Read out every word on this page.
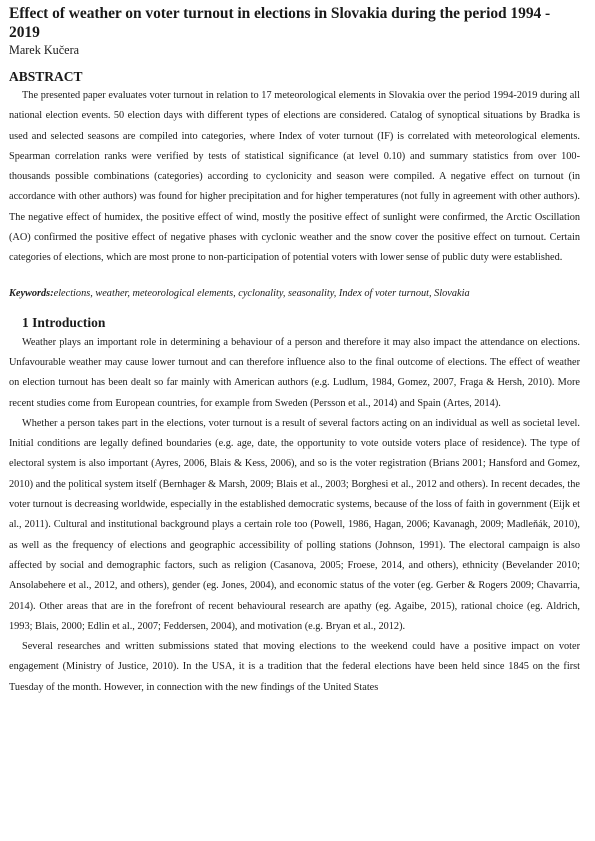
Effect of weather on voter turnout in elections in Slovakia during the period 1994 - 2019
Marek Kučera
ABSTRACT

The presented paper evaluates voter turnout in relation to 17 meteorological elements in Slovakia over the period 1994-2019 during all national election events. 50 election days with different types of elections are considered. Catalog of synoptical situations by Bradka is used and selected seasons are compiled into categories, where Index of voter turnout (IF) is correlated with meteorological elements. Spearman correlation ranks were verified by tests of statistical significance (at level 0.10) and summary statistics from over 100-thousands possible combinations (categories) according to cyclonicity and season were compiled. A negative effect on turnout (in accordance with other authors) was found for higher precipitation and for higher temperatures (not fully in agreement with other authors). The negative effect of humidex, the positive effect of wind, mostly the positive effect of sunlight were confirmed, the Arctic Oscillation (AO) confirmed the positive effect of negative phases with cyclonic weather and the snow cover the positive effect on turnout. Certain categories of elections, which are most prone to non-participation of potential voters with lower sense of public duty were established.

Keywords:elections, weather, meteorological elements, cyclonality, seasonality, Index of voter turnout, Slovakia
1 Introduction

Weather plays an important role in determining a behaviour of a person and therefore it may also impact the attendance on elections. Unfavourable weather may cause lower turnout and can therefore influence also to the final outcome of elections. The effect of weather on election turnout has been dealt so far mainly with American authors (e.g. Ludlum, 1984, Gomez, 2007, Fraga & Hersh, 2010). More recent studies come from European countries, for example from Sweden (Persson et al., 2014) and Spain (Artes, 2014).

Whether a person takes part in the elections, voter turnout is a result of several factors acting on an individual as well as societal level. Initial conditions are legally defined boundaries (e.g. age, date, the opportunity to vote outside voters place of residence). The type of electoral system is also important (Ayres, 2006, Blais & Kess, 2006), and so is the voter registration (Brians 2001; Hansford and Gomez, 2010) and the political system itself (Bernhager & Marsh, 2009; Blais et al., 2003; Borghesi et al., 2012 and others). In recent decades, the voter turnout is decreasing worldwide, especially in the established democratic systems, because of the loss of faith in government (Eijk et al., 2011). Cultural and institutional background plays a certain role too (Powell, 1986, Hagan, 2006; Kavanagh, 2009; Madleňák, 2010), as well as the frequency of elections and geographic accessibility of polling stations (Johnson, 1991). The electoral campaign is also affected by social and demographic factors, such as religion (Casanova, 2005; Froese, 2014, and others), ethnicity (Bevelander 2010; Ansolabehere et al., 2012, and others), gender (eg. Jones, 2004), and economic status of the voter (eg. Gerber & Rogers 2009; Chavarria, 2014). Other areas that are in the forefront of recent behavioural research are apathy (eg. Agaibe, 2015), rational choice (eg. Aldrich, 1993; Blais, 2000; Edlin et al., 2007; Feddersen, 2004), and motivation (e.g. Bryan et al., 2012).

Several researches and written submissions stated that moving elections to the weekend could have a positive impact on voter engagement (Ministry of Justice, 2010). In the USA, it is a tradition that the federal elections have been held since 1845 on the first Tuesday of the month. However, in connection with the new findings of the United States
